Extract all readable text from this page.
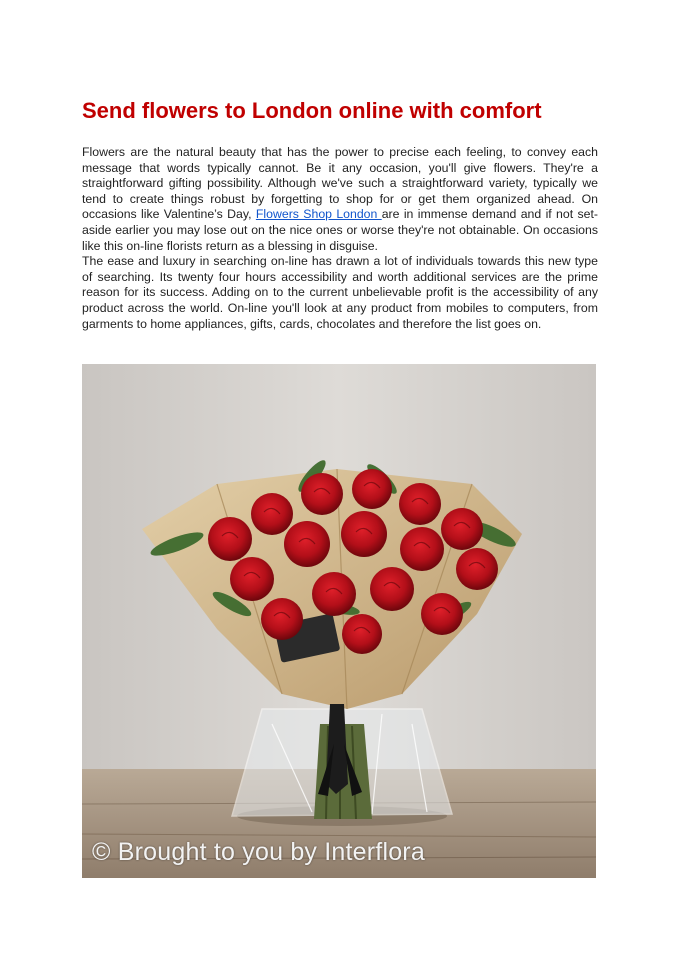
Send flowers to London online with comfort

Flowers are the natural beauty that has the power to precise each feeling, to convey each message that words typically cannot. Be it any occasion, you'll give flowers. They're a straightforward gifting possibility. Although we've such a straightforward variety, typically we tend to create things robust by forgetting to shop for or get them organized ahead. On occasions like Valentine’s Day, Flowers Shop London are in immense demand and if not set-aside earlier you may lose out on the nice ones or worse they're not obtainable. On occasions like this on-line florists return as a blessing in disguise.

The ease and luxury in searching on-line has drawn a lot of individuals towards this new type of searching. Its twenty four hours accessibility and worth additional services are the prime reason for its success. Adding on to the current unbelievable profit is the accessibility of any product across the world. On-line you'll look at any product from mobiles to computers, from garments to home appliances, gifts, cards, chocolates and therefore the list goes on.

© Brought to you by Interflora
